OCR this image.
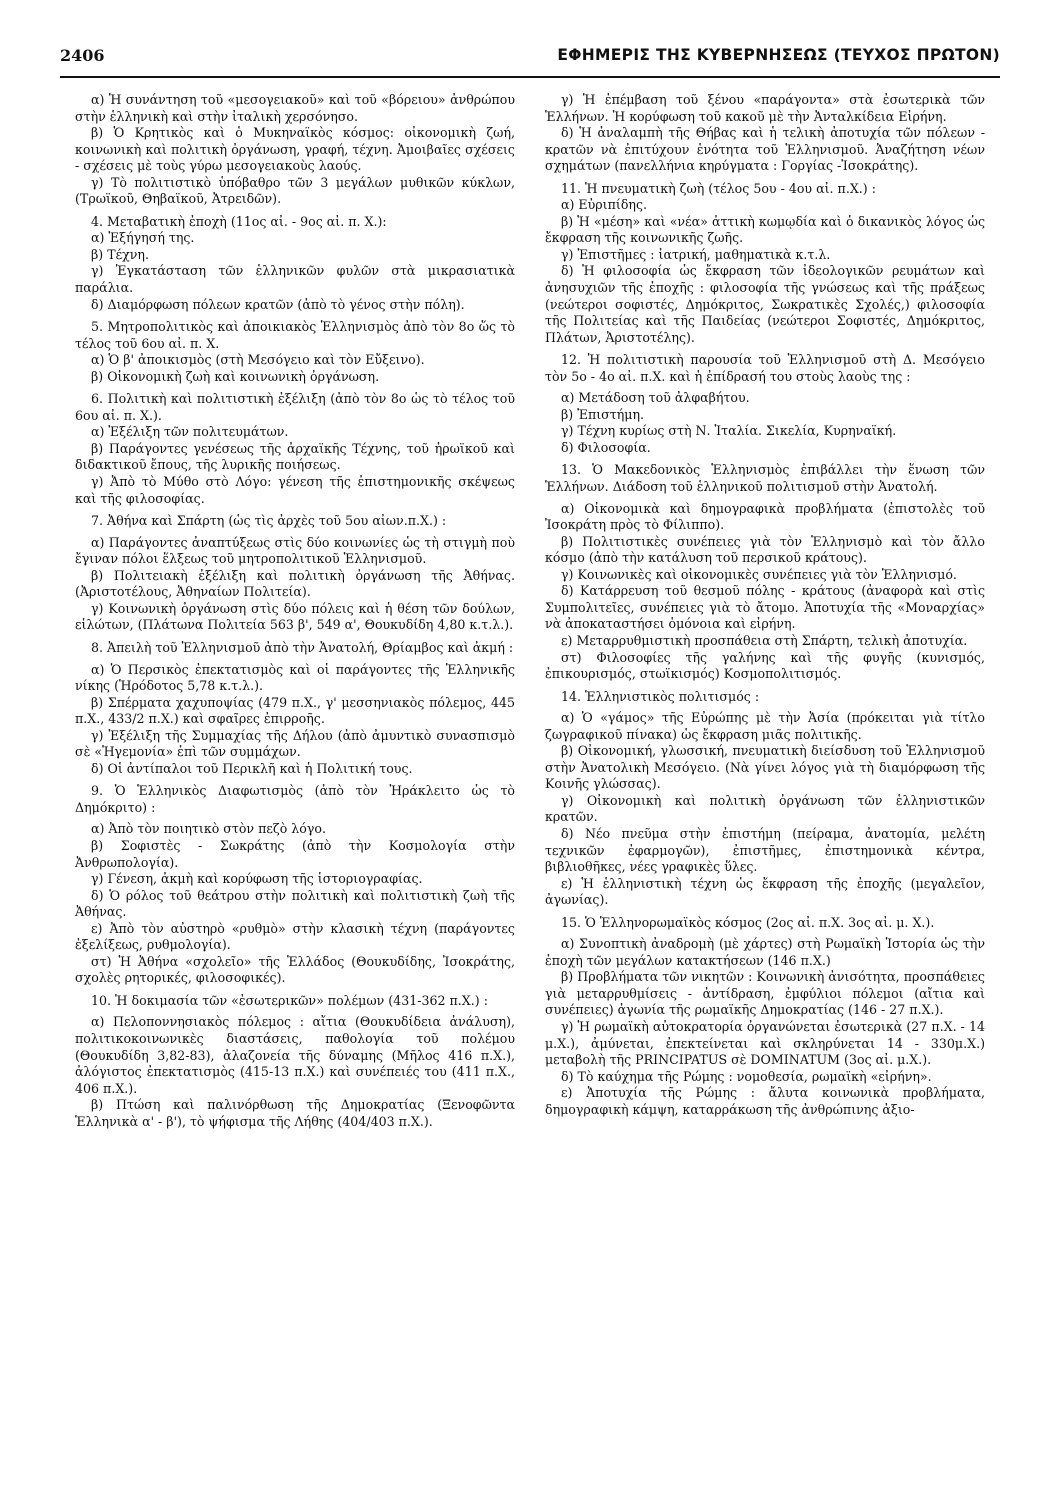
2406	ΕΦΗΜΕΡΙΣ ΤΗΣ ΚΥΒΕΡΝΗΣΕΩΣ (ΤΕΥΧΟΣ ΠΡΩΤΟΝ)

α) Ἡ συνάντηση τοῦ «μεσογειακοῦ» καὶ τοῦ «βόρειου» ἀνθρώπου στὴν ἑλληνικὴ καὶ στὴν ἰταλικὴ χερσόνησο.

β) Ὁ Κρητικὸς καὶ ὁ Μυκηναϊκὸς κόσμος: οἰκονομικὴ ζωή, κοινωνικὴ καὶ πολιτικὴ ὀργάνωση, γραφή, τέχνη. Ἀμοιβαῖες σχέσεις - σχέσεις μὲ τοὺς γύρω μεσογειακοὺς λαούς.

γ) Τὸ πολιτιστικὸ ὑπόβαθρο τῶν 3 μεγάλων μυθικῶν κύκλων, (Τρωϊκοῦ, Θηβαϊκοῦ, Ἀτρειδῶν).

4. Μεταβατικὴ ἐποχὴ (11ος αἰ. - 9ος αἰ. π. Χ.):

α) Ἐξήγησή της.

β) Τέχνη.

γ) Ἐγκατάσταση τῶν ἑλληνικῶν φυλῶν στὰ μικρασιατικὰ παράλια.

δ) Διαμόρφωση πόλεων κρατῶν (ἀπὸ τὸ γένος στὴν πόλη).

5. Μητροπολιτικὸς καὶ ἀποικιακὸς Ἑλληνισμὸς ἀπὸ τὸν 8ο ὥς τὸ τέλος τοῦ 6ου αἰ. π. Χ.

α) Ὁ β' ἀποικισμὸς (στὴ Μεσόγειο καὶ τὸν Εὔξεινο).

β) Οἰκονομικὴ ζωὴ καὶ κοινωνικὴ ὀργάνωση.

6. Πολιτικὴ καὶ πολιτιστικὴ ἐξέλιξη (ἀπὸ τὸν 8ο ὡς τὸ τέλος τοῦ 6ου αἰ. π. Χ.).

α) Ἐξέλιξη τῶν πολιτευμάτων.

β) Παράγοντες γενέσεως τῆς ἀρχαϊκῆς Τέχνης, τοῦ ἡρωϊκοῦ καὶ διδακτικοῦ ἔπους, τῆς λυρικῆς ποιήσεως.

γ) Ἀπὸ τὸ Μύθο στὸ Λόγο: γένεση τῆς ἐπιστημονικῆς σκέψεως καὶ τῆς φιλοσοφίας.

7. Ἀθήνα καὶ Σπάρτη (ὡς τὶς ἀρχὲς τοῦ 5ου αἰων.π.Χ.) :

α) Παράγοντες ἀναπτύξεως στὶς δύο κοινωνίες ὡς τὴ στιγμὴ ποὺ ἔγιναν πόλοι ἕλξεως τοῦ μητροπολιτικοῦ Ἑλληνισμοῦ.

β) Πολιτειακὴ ἐξέλιξη καὶ πολιτικὴ ὀργάνωση τῆς Ἀθήνας. (Ἀριστοτέλους, Ἀθηναίων Πολιτεία).

γ) Κοινωνικὴ ὀργάνωση στὶς δύο πόλεις καὶ ἡ θέση τῶν δούλων, εἱλώτων, (Πλάτωνα Πολιτεία 563 β', 549 α', Θουκυδίδη 4,80 κ.τ.λ.).

8. Ἀπειλὴ τοῦ Ἑλληνισμοῦ ἀπὸ τὴν Ἀνατολή, Θρίαμβος καὶ ἀκμή :

α) Ὁ Περσικὸς ἐπεκτατισμὸς καὶ οἱ παράγοντες τῆς Ἑλληνικῆς νίκης (Ἡρόδοτος 5,78 κ.τ.λ.).

β) Σπέρματα χαχυποψίας (479 π.Χ., γ' μεσσηνιακὸς πόλεμος, 445 π.Χ., 433/2 π.Χ.) καὶ σφαῖρες ἐπιρροῆς.

γ) Ἐξέλιξη τῆς Συμμαχίας τῆς Δήλου (ἀπὸ ἀμυντικὸ συνασπισμὸ σὲ «Ἡγεμονία» ἐπὶ τῶν συμμάχων.

δ) Οἱ ἀντίπαλοι τοῦ Περικλῆ καὶ ἡ Πολιτική τους.

9. Ὁ Ἑλληνικὸς Διαφωτισμὸς (ἀπὸ τὸν Ἡράκλειτο ὡς τὸ Δημόκριτο) :

α) Ἀπὸ τὸν ποιητικὸ στὸν πεζὸ λόγο.

β) Σοφιστὲς - Σωκράτης (ἀπὸ τὴν Κοσμολογία στὴν Ἀνθρωπολογία).

γ) Γένεση, ἀκμὴ καὶ κορύφωση τῆς ἱστοριογραφίας.

δ) Ὁ ρόλος τοῦ θεάτρου στὴν πολιτικὴ καὶ πολιτιστικὴ ζωὴ τῆς Ἀθήνας.

ε) Ἀπὸ τὸν αὐστηρὸ «ρυθμὸ» στὴν κλασικὴ τέχνη (παράγοντες ἐξελίξεως, ρυθμολογία).

στ) Ἡ Ἀθήνα «σχολεῖο» τῆς Ἑλλάδος (Θουκυδίδης, Ἰσοκράτης, σχολὲς ρητορικές, φιλοσοφικές).

10. Ἡ δοκιμασία τῶν «ἐσωτερικῶν» πολέμων (431-362 π.Χ.) :

α) Πελοποννησιακὸς πόλεμος : αἴτια (Θουκυδίδεια ἀνάλυση), πολιτικοκοινωνικὲς διαστάσεις, παθολογία τοῦ πολέμου (Θουκυδίδη 3,82-83), ἀλαζονεία τῆς δύναμης (Μῆλος 416 π.Χ.), ἀλόγιστος ἐπεκτατισμὸς (415-13 π.Χ.) καὶ συνέπειές του (411 π.Χ., 406 π.Χ.).

β) Πτώση καὶ παλινόρθωση τῆς Δημοκρατίας (Ξενοφῶντα Ἑλληνικὰ α' - β'), τὸ ψήφισμα τῆς Λήθης (404/403 π.Χ.).

γ) Ἡ ἐπέμβαση τοῦ ξένου «παράγοντα» στὰ ἐσωτερικὰ τῶν Ἑλλήνων. Ἡ κορύφωση τοῦ κακοῦ μὲ τὴν Ἀνταλκίδεια Εἰρήνη.

δ) Ἡ ἀναλαμπὴ τῆς Θήβας καὶ ἡ τελικὴ ἀποτυχία τῶν πόλεων - κρατῶν νὰ ἐπιτύχουν ἑνότητα τοῦ Ἑλληνισμοῦ. Ἀναζήτηση νέων σχημάτων (πανελλήνια κηρύγματα : Γοργίας -Ἰσοκράτης).

11. Ἡ πνευματικὴ ζωὴ (τέλος 5ου - 4ου αἰ. π.Χ.) :

α) Εὐριπίδης.

β) Ἡ «μέση» καὶ «νέα» ἀττικὴ κωμῳδία καὶ ὁ δικανικὸς λόγος ὡς ἔκφραση τῆς κοινωνικῆς ζωῆς.

γ) Ἐπιστῆμες : ἰατρική, μαθηματικὰ κ.τ.λ.

δ) Ἡ φιλοσοφία ὡς ἔκφραση τῶν ἰδεολογικῶν ρευμάτων καὶ ἀνησυχιῶν τῆς ἐποχῆς : φιλοσοφία τῆς γνώσεως καὶ τῆς πράξεως (νεώτεροι σοφιστές, Δημόκριτος, Σωκρατικὲς Σχολές,) φιλοσοφία τῆς Πολιτείας καὶ τῆς Παιδείας (νεώτεροι Σοφιστές, Δημόκριτος, Πλάτων, Ἀριστοτέλης).

12. Ἡ πολιτιστικὴ παρουσία τοῦ Ἑλληνισμοῦ στὴ Δ. Μεσόγειο τὸν 5ο - 4ο αἰ. π.Χ. καὶ ἡ ἐπίδρασή του στοὺς λαοὺς της :

α) Μετάδοση τοῦ ἀλφαβήτου.

β) Ἐπιστήμη.

γ) Τέχνη κυρίως στὴ Ν. Ἰταλία. Σικελία, Κυρηναϊκή.

δ) Φιλοσοφία.

13. Ὁ Μακεδονικὸς Ἑλληνισμὸς ἐπιβάλλει τὴν ἕνωση τῶν Ἑλλήνων. Διάδοση τοῦ ἑλληνικοῦ πολιτισμοῦ στὴν Ἀνατολή.

α) Οἰκονομικὰ καὶ δημογραφικὰ προβλήματα (ἐπιστολὲς τοῦ Ἰσοκράτη πρὸς τὸ Φίλιππο).

β) Πολιτιστικὲς συνέπειες γιὰ τὸν Ἑλληνισμὸ καὶ τὸν ἄλλο κόσμο (ἀπὸ τὴν κατάλυση τοῦ περσικοῦ κράτους).

γ) Κοινωνικὲς καὶ οἰκονομικὲς συνέπειες γιὰ τὸν Ἑλληνισμό.

δ) Κατάρρευση τοῦ θεσμοῦ πόλης - κράτους (ἀναφορὰ καὶ στὶς Συμπολιτεῖες, συνέπειες γιὰ τὸ ἄτομο. Ἀποτυχία τῆς «Μοναρχίας» νὰ ἀποκαταστήσει ὁμόνοια καὶ εἰρήνη.

ε) Μεταρρυθμιστικὴ προσπάθεια στὴ Σπάρτη, τελικὴ ἀποτυχία.

στ) Φιλοσοφίες τῆς γαλήνης καὶ τῆς φυγῆς (κυνισμός, ἐπικουρισμός, στωϊκισμός) Κοσμοπολιτισμός.

14. Ἑλληνιστικὸς πολιτισμός :

α) Ὁ «γάμος» τῆς Εὐρώπης μὲ τὴν Ἀσία (πρόκειται γιὰ τίτλο ζωγραφικοῦ πίνακα) ὡς ἔκφραση μιᾶς πολιτικῆς.

β) Οἰκονομική, γλωσσική, πνευματικὴ διείσδυση τοῦ Ἑλληνισμοῦ στὴν Ἀνατολικὴ Μεσόγειο. (Νὰ γίνει λόγος γιὰ τὴ διαμόρφωση τῆς Κοινῆς γλώσσας).

γ) Οἰκονομικὴ καὶ πολιτικὴ ὀργάνωση τῶν ἑλληνιστικῶν κρατῶν.

δ) Νέο πνεῦμα στὴν ἐπιστήμη (πείραμα, ἀνατομία, μελέτη τεχνικῶν ἐφαρμογῶν), ἐπιστῆμες, ἐπιστημονικὰ κέντρα, βιβλιοθῆκες, νέες γραφικὲς ὕλες.

ε) Ἡ ἑλληνιστικὴ τέχνη ὡς ἔκφραση τῆς ἐποχῆς (μεγαλεῖον, ἀγωνίας).

15. Ὁ Ἑλληνορωμαϊκὸς κόσμος (2ος αἰ. π.Χ. 3ος αἰ. μ. Χ.).

α) Συνοπτικὴ ἀναδρομὴ (μὲ χάρτες) στὴ Ρωμαϊκὴ Ἱστορία ὡς τὴν ἐποχὴ τῶν μεγάλων κατακτήσεων (146 π.Χ.)

β) Προβλήματα τῶν νικητῶν : Κοινωνικὴ ἀνισότητα, προσπάθειες γιὰ μεταρρυθμίσεις - ἀντίδραση, ἐμφύλιοι πόλεμοι (αἴτια καὶ συνέπειες) ἀγωνία τῆς ρωμαϊκῆς Δημοκρατίας (146 - 27 π.Χ.).

γ) Ἡ ρωμαϊκὴ αὐτοκρατορία ὀργανώνεται ἐσωτερικὰ (27 π.Χ. - 14 μ.Χ.), ἀμύνεται, ἐπεκτείνεται καὶ σκληρύνεται 14 - 330μ.Χ.) μεταβολὴ τῆς PRINCIPATUS σὲ DOMINATUM (3ος αἰ. μ.Χ.).

δ) Τὸ καύχημα τῆς Ρώμης : νομοθεσία, ρωμαϊκὴ «εἰρήνη».

ε) Ἀποτυχία τῆς Ρώμης : ἄλυτα κοινωνικὰ προβλήματα, δημογραφικὴ κάμψη, καταρράκωση τῆς ἀνθρώπινης ἀξιο-
